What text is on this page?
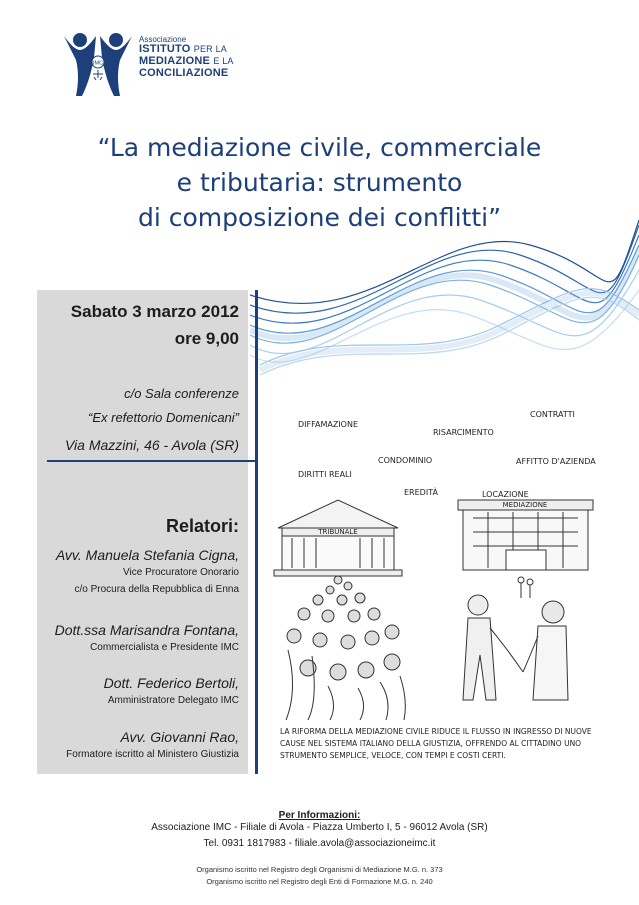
IMC
Associazione
ISTITUTO PER LA
MEDIAZIONE E LA
CONCILIAZIONE
“La mediazione civile, commerciale
e tributaria: strumento
di composizione dei conflitti”
Sabato 3 marzo 2012
ore 9,00
c/o Sala conferenze
“Ex refettorio Domenicani”
Via Mazzini, 46 - Avola (SR)
Relatori:
Avv. Manuela Stefania Cigna,
Vice Procuratore Onorario
c/o Procura della Repubblica di Enna
Dott.ssa Marisandra Fontana,
Commercialista e Presidente IMC
Dott. Federico Bertoli,
Amministratore Delegato IMC
Avv. Giovanni Rao,
Formatore iscritto al Ministero Giustizia
DIFFAMAZIONE
RISARCIMENTO
CONTRATTI
DIRITTI REALI
CONDOMINIO	AFFITTO D'AZIENDA
EREDITÀ	LOCAZIONE
TRIBUNALE
MEDIAZIONE
LA RIFORMA DELLA MEDIAZIONE CIVILE RIDUCE IL FLUSSO IN INGRESSO DI NUOVE CAUSE NEL SISTEMA ITALIANO DELLA GIUSTIZIA, OFFRENDO AL CITTADINO UNO STRUMENTO SEMPLICE, VELOCE, CON TEMPI E COSTI CERTI.
Per Informazioni:
Associazione IMC - Filiale di Avola - Piazza Umberto I, 5 - 96012 Avola (SR)
Tel. 0931 1817983 - filiale.avola@associazioneimc.it
Organismo iscritto nel Registro degli Organismi di Mediazione M.G. n. 373
Organismo iscritto nel Registro degli Enti di Formazione M.G. n. 240
